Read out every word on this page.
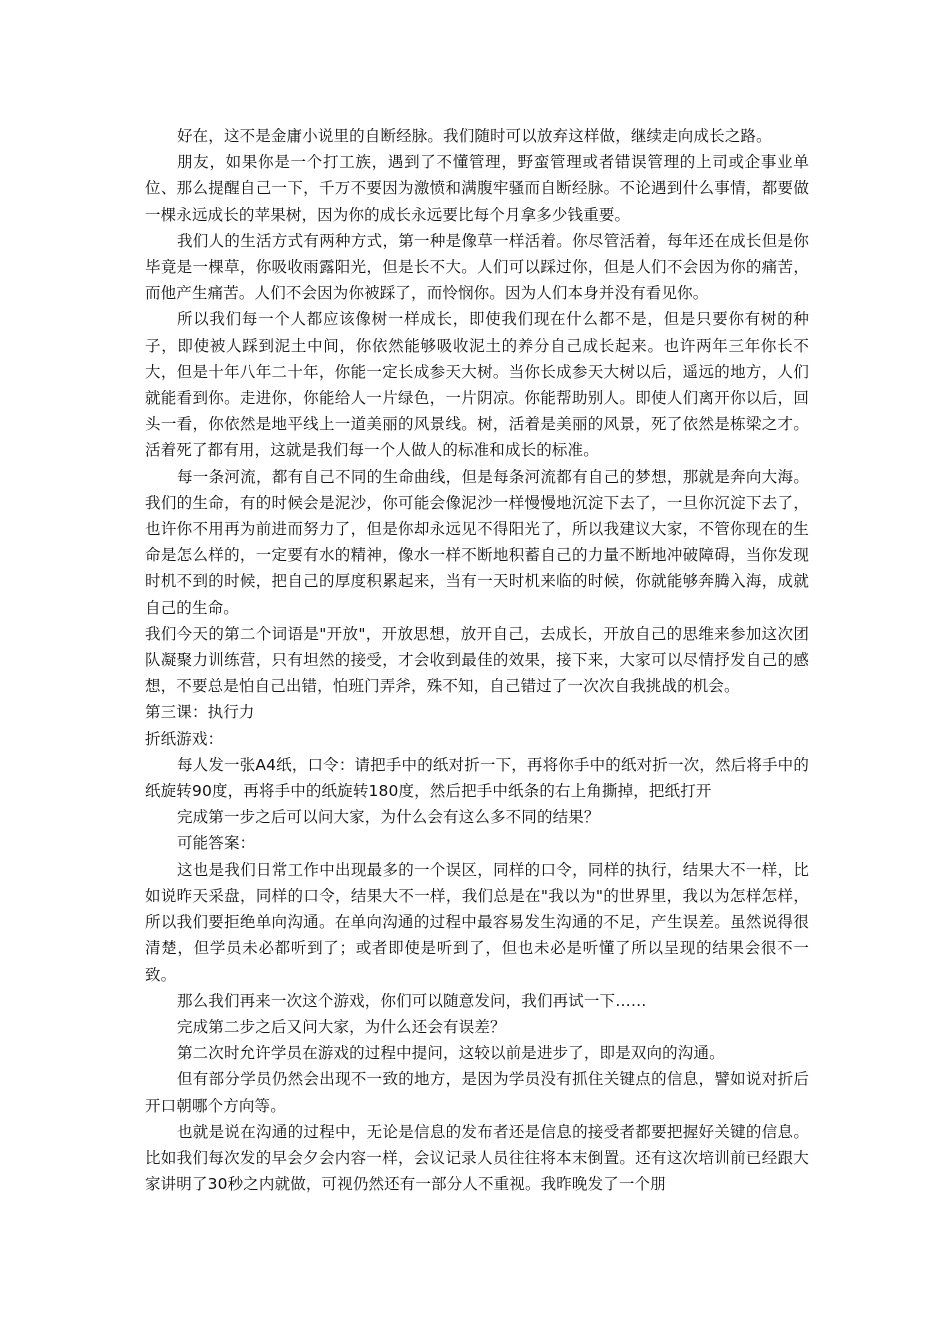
好在，这不是金庸小说里的自断经脉。我们随时可以放弃这样做，继续走向成长之路。

朋友，如果你是一个打工族，遇到了不懂管理，野蛮管理或者错误管理的上司或企事业单位、那么提醒自己一下，千万不要因为激愤和满腹牢骚而自断经脉。不论遇到什么事情，都要做一棵永远成长的苹果树，因为你的成长永远要比每个月拿多少钱重要。

我们人的生活方式有两种方式，第一种是像草一样活着。你尽管活着，每年还在成长但是你毕竟是一棵草，你吸收雨露阳光，但是长不大。人们可以踩过你，但是人们不会因为你的痛苦，而他产生痛苦。人们不会因为你被踩了，而怜悯你。因为人们本身并没有看见你。

所以我们每一个人都应该像树一样成长，即使我们现在什么都不是，但是只要你有树的种子，即使被人踩到泥土中间，你依然能够吸收泥土的养分自己成长起来。也许两年三年你长不大，但是十年八年二十年，你能一定长成参天大树。当你长成参天大树以后，遥远的地方，人们就能看到你。走进你，你能给人一片绿色，一片阴凉。你能帮助别人。即使人们离开你以后，回头一看，你依然是地平线上一道美丽的风景线。树，活着是美丽的风景，死了依然是栋梁之才。活着死了都有用，这就是我们每一个人做人的标准和成长的标准。

每一条河流，都有自己不同的生命曲线，但是每条河流都有自己的梦想，那就是奔向大海。我们的生命，有的时候会是泥沙，你可能会像泥沙一样慢慢地沉淀下去了，一旦你沉淀下去了，也许你不用再为前进而努力了，但是你却永远见不得阳光了，所以我建议大家，不管你现在的生命是怎么样的，一定要有水的精神，像水一样不断地积蓄自己的力量不断地冲破障碍，当你发现时机不到的时候，把自己的厚度积累起来，当有一天时机来临的时候，你就能够奔腾入海，成就自己的生命。

我们今天的第二个词语是"开放"，开放思想，放开自己，去成长，开放自己的思维来参加这次团队凝聚力训练营，只有坦然的接受，才会收到最佳的效果，接下来，大家可以尽情抒发自己的感想，不要总是怕自己出错，怕班门弄斧，殊不知，自己错过了一次次自我挑战的机会。

第三课：执行力

折纸游戏：

每人发一张A4纸，口令：请把手中的纸对折一下，再将你手中的纸对折一次，然后将手中的纸旋转90度，再将手中的纸旋转180度，然后把手中纸条的右上角撕掉，把纸打开

完成第一步之后可以问大家，为什么会有这么多不同的结果？

可能答案：

这也是我们日常工作中出现最多的一个误区，同样的口令，同样的执行，结果大不一样，比如说昨天采盘，同样的口令，结果大不一样，我们总是在"我以为"的世界里，我以为怎样怎样，所以我们要拒绝单向沟通。在单向沟通的过程中最容易发生沟通的不足，产生误差。虽然说得很清楚，但学员未必都听到了；或者即使是听到了，但也未必是听懂了所以呈现的结果会很不一致。

那么我们再来一次这个游戏，你们可以随意发问，我们再试一下……

完成第二步之后又问大家，为什么还会有误差？

第二次时允许学员在游戏的过程中提问，这较以前是进步了，即是双向的沟通。

但有部分学员仍然会出现不一致的地方，是因为学员没有抓住关键点的信息，譬如说对折后开口朝哪个方向等。

也就是说在沟通的过程中，无论是信息的发布者还是信息的接受者都要把握好关键的信息。比如我们每次发的早会夕会内容一样，会议记录人员往往将本末倒置。还有这次培训前已经跟大家讲明了30秒之内就做，可视仍然还有一部分人不重视。我昨晚发了一个朋
